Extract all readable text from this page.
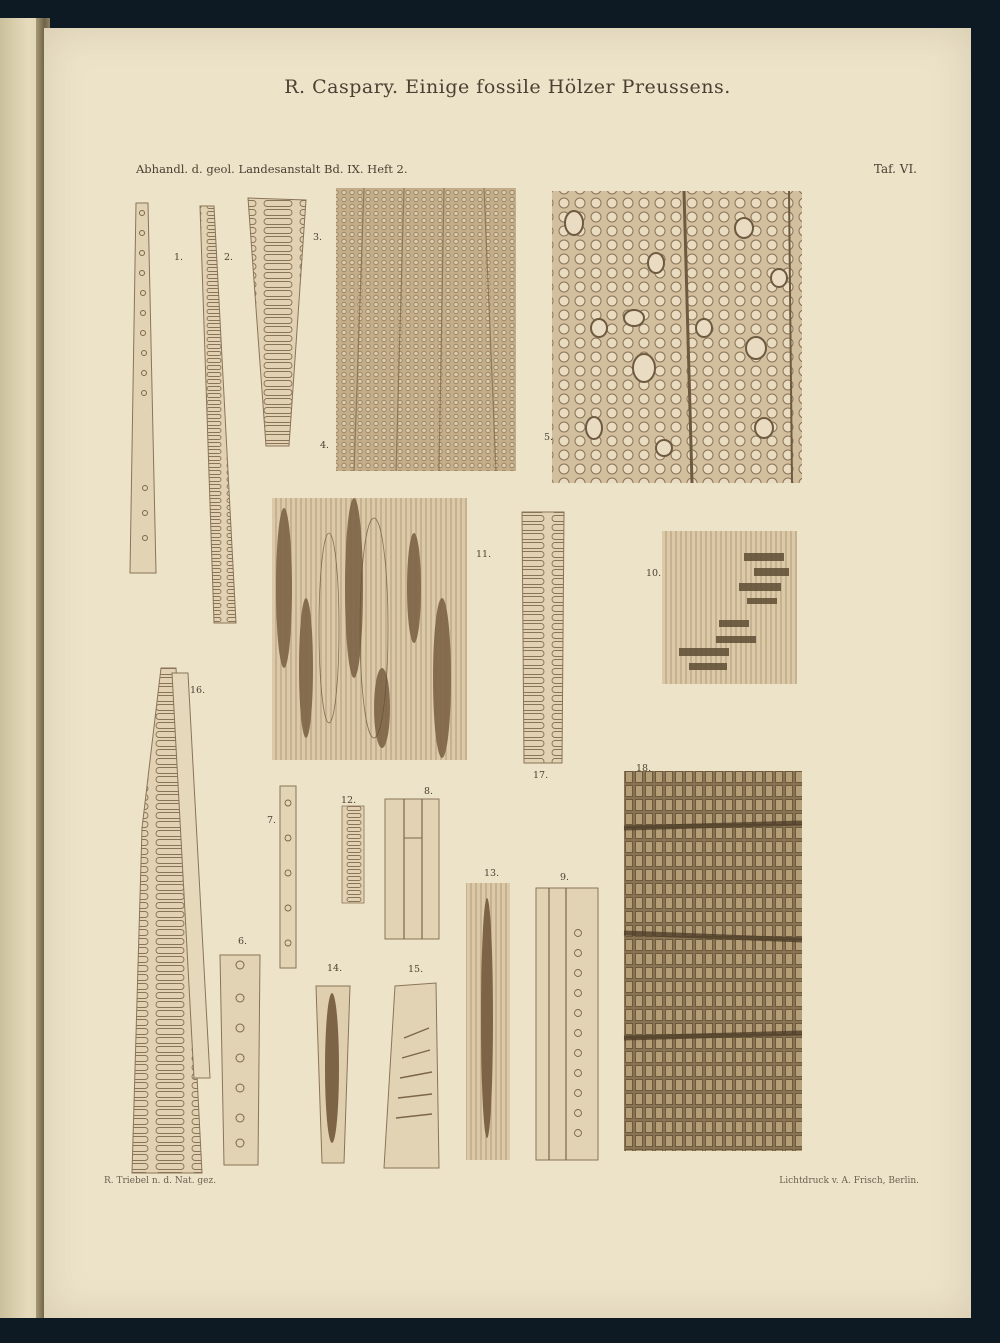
R. Caspary. Einige fossile Hölzer Preussens.
Abhandl. d. geol. Landesanstalt Bd. IX. Heft 2.	Taf. VI.
1.	2.
3.
4.
5.
6.
7.
8.
9.
10.
11.
12.
13.
14.	15.
16.
17.
18.
R. Triebel n. d. Nat. gez.	Lichtdruck v. A. Frisch, Berlin.
